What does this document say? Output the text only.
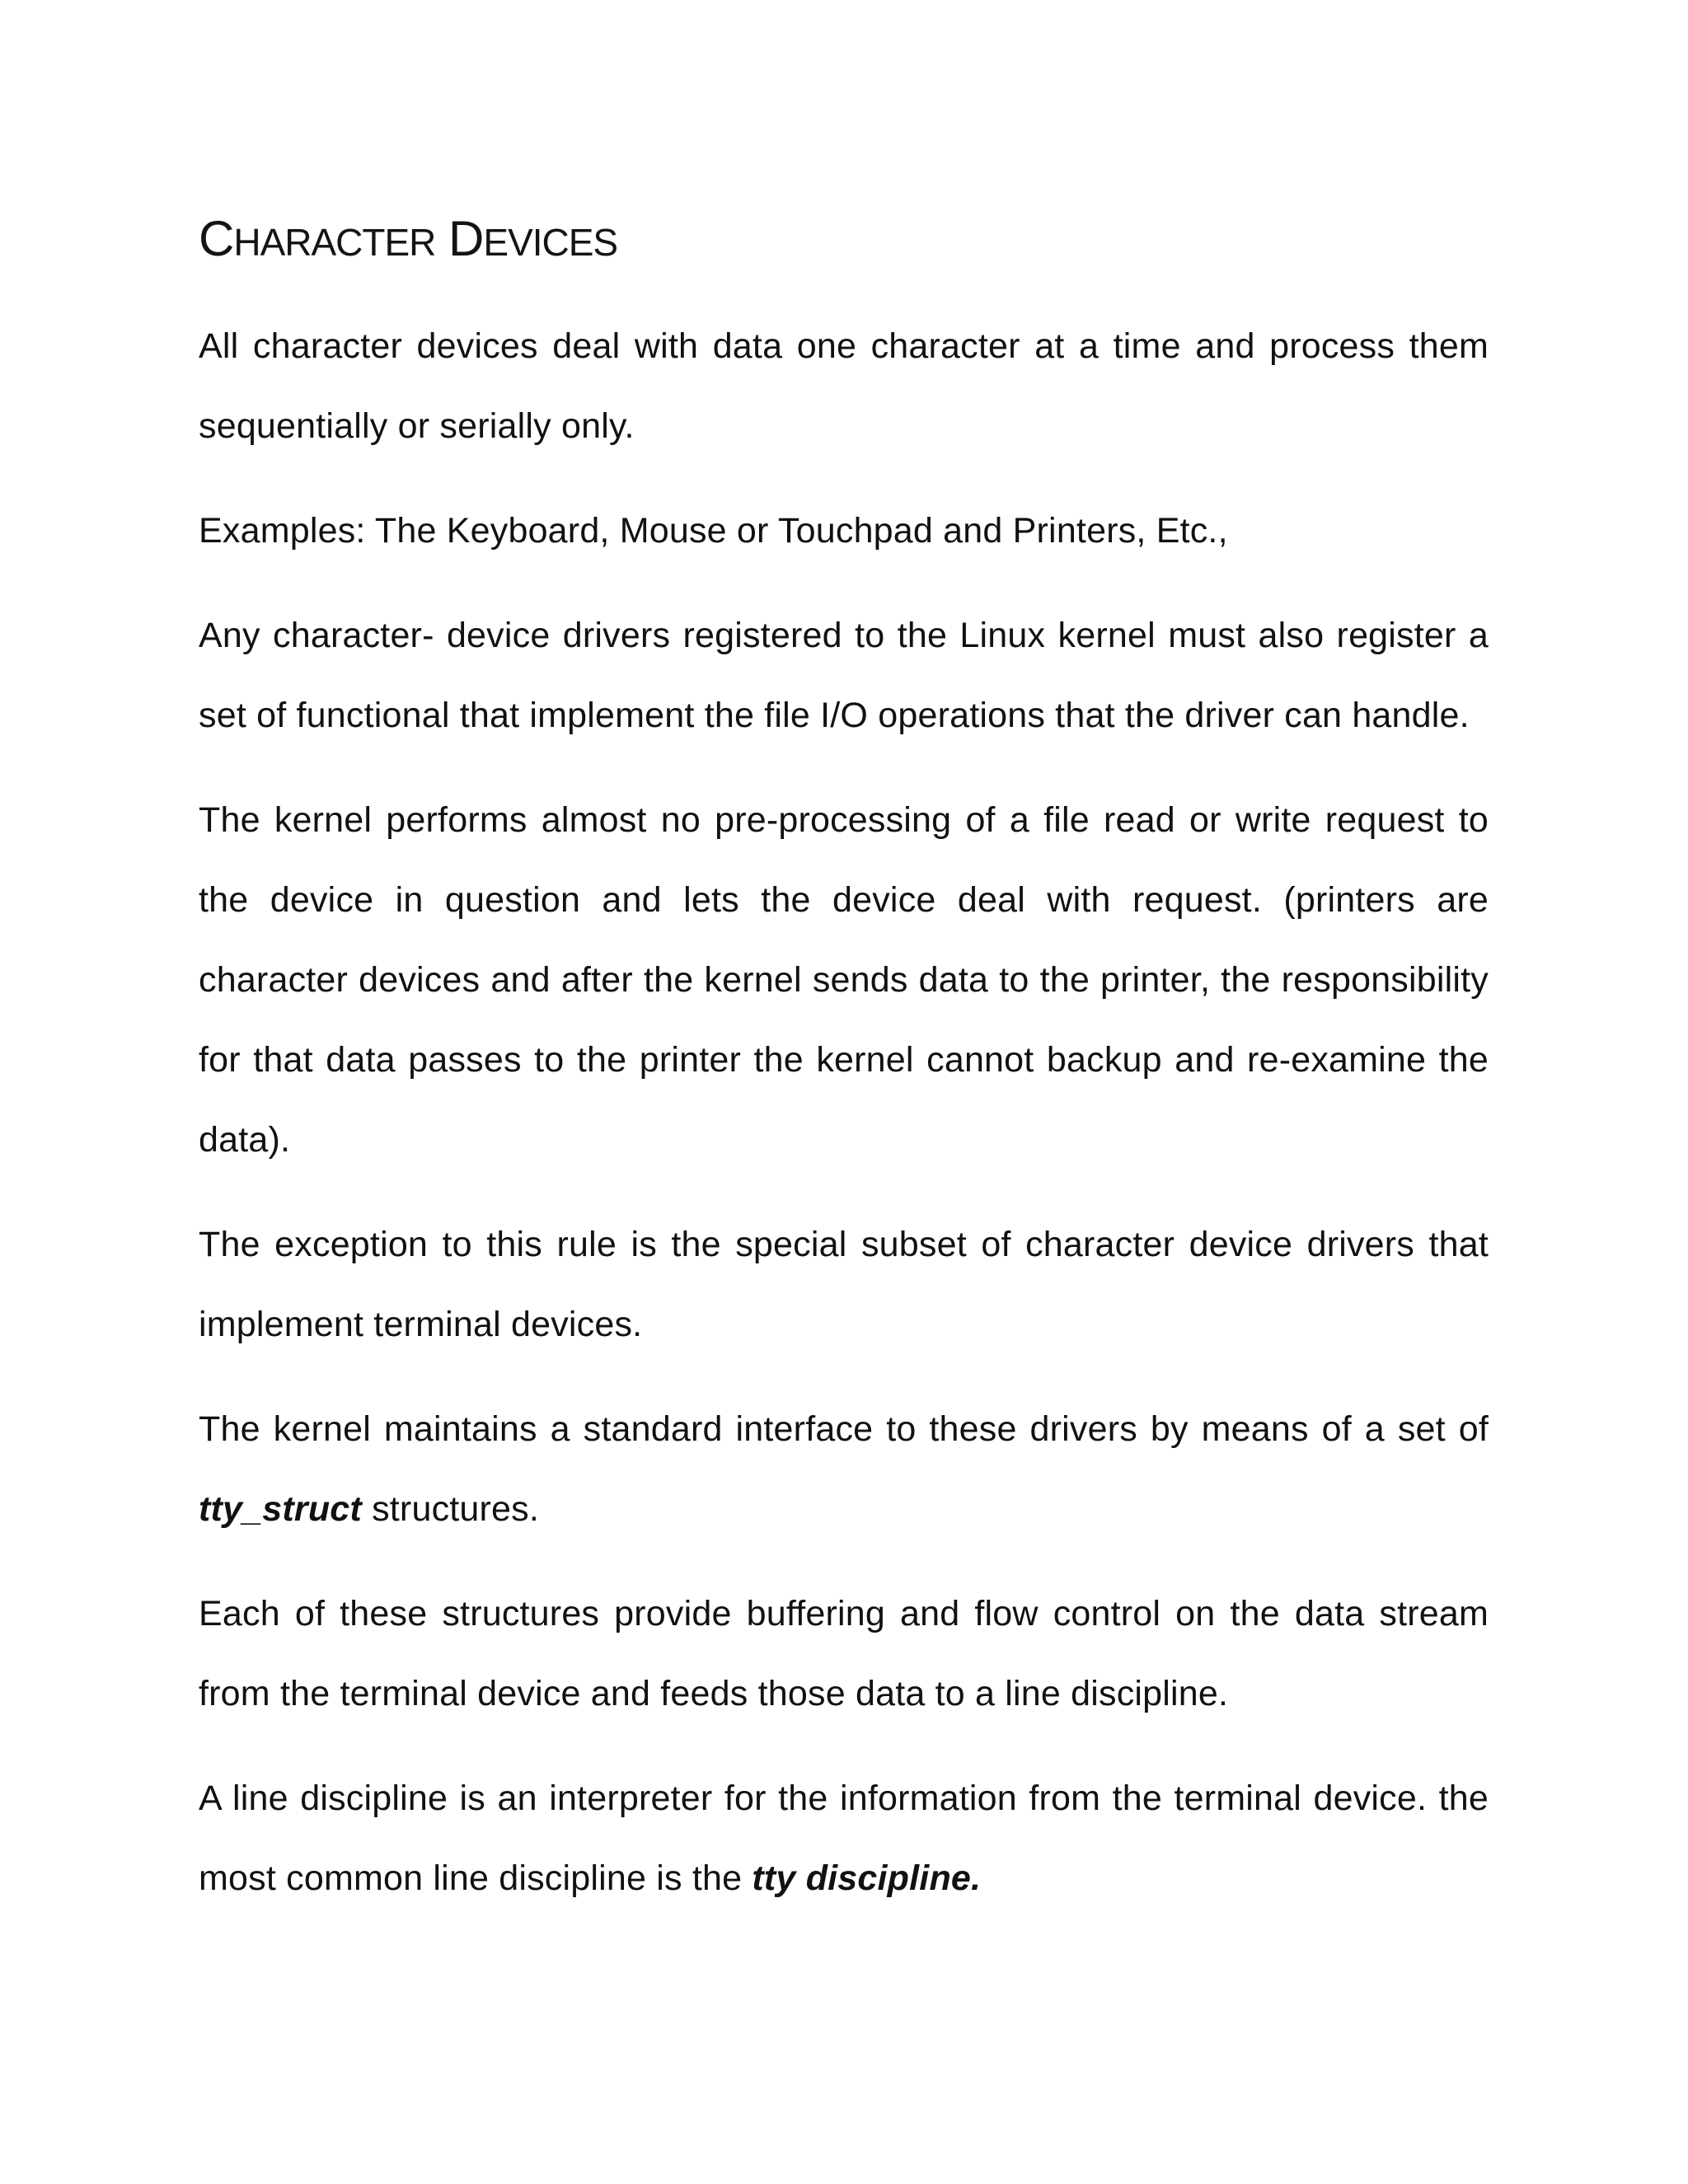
CHARACTER DEVICES

All character devices deal with data one character at a time and process them sequentially or serially only.

Examples: The Keyboard, Mouse or Touchpad and Printers, Etc.,

Any character- device drivers registered to the Linux kernel must also register a set of functional that implement the file I/O operations that the driver can handle.

The kernel performs almost no pre-processing of a file read or write request to the device in question and lets the device deal with request. (printers are character devices and after the kernel sends data to the printer, the responsibility for that data passes to the printer the kernel cannot backup and re-examine the data).

The exception to this rule is the special subset of character device drivers that implement terminal devices.

The kernel maintains a standard interface to these drivers by means of a set of tty_struct structures.

Each of these structures provide buffering and flow control on the data stream from the terminal device and feeds those data to a line discipline.

A line discipline is an interpreter for the information from the terminal device. the most common line discipline is the tty discipline.
